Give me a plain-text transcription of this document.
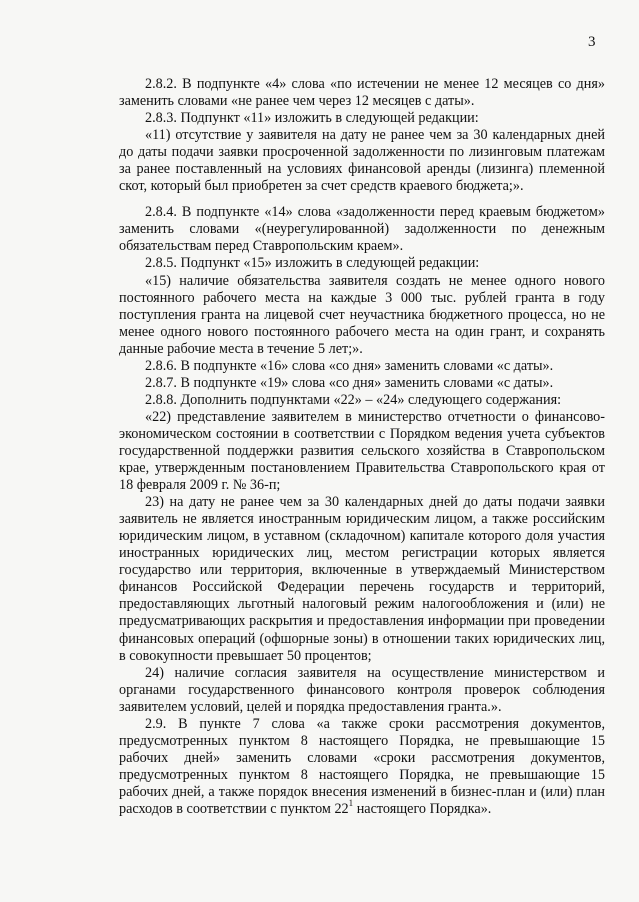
3

2.8.2. В подпункте «4» слова «по истечении не менее 12 месяцев со дня» заменить словами «не ранее чем через 12 месяцев с даты».

2.8.3. Подпункт «11» изложить в следующей редакции:

«11) отсутствие у заявителя на дату не ранее чем за 30 календарных дней до даты подачи заявки просроченной задолженности по лизинговым платежам за ранее поставленный на условиях финансовой аренды (лизинга) племенной скот, который был приобретен за счет средств краевого бюджета;».

2.8.4. В подпункте «14» слова «задолженности перед краевым бюджетом» заменить словами «(неурегулированной) задолженности по денежным обязательствам перед Ставропольским краем».

2.8.5. Подпункт «15» изложить в следующей редакции:

«15) наличие обязательства заявителя создать не менее одного нового постоянного рабочего места на каждые 3 000 тыс. рублей гранта в году поступления гранта на лицевой счет неучастника бюджетного процесса, но не менее одного нового постоянного рабочего места на один грант, и сохранять данные рабочие места в течение 5 лет;».

2.8.6. В подпункте «16» слова «со дня» заменить словами «с даты».

2.8.7. В подпункте «19» слова «со дня» заменить словами «с даты».

2.8.8. Дополнить подпунктами «22» – «24» следующего содержания:

«22) представление заявителем в министерство отчетности о финансово-экономическом состоянии в соответствии с Порядком ведения учета субъектов государственной поддержки развития сельского хозяйства в Ставропольском крае, утвержденным постановлением Правительства Ставропольского края от 18 февраля 2009 г. № 36-п;

23) на дату не ранее чем за 30 календарных дней до даты подачи заявки заявитель не является иностранным юридическим лицом, а также российским юридическим лицом, в уставном (складочном) капитале которого доля участия иностранных юридических лиц, местом регистрации которых является государство или территория, включенные в утверждаемый Министерством финансов Российской Федерации перечень государств и территорий, предоставляющих льготный налоговый режим налогообложения и (или) не предусматривающих раскрытия и предоставления информации при проведении финансовых операций (офшорные зоны) в отношении таких юридических лиц, в совокупности превышает 50 процентов;

24) наличие согласия заявителя на осуществление министерством и органами государственного финансового контроля проверок соблюдения заявителем условий, целей и порядка предоставления гранта.».

2.9. В пункте 7 слова «а также сроки рассмотрения документов, предусмотренных пунктом 8 настоящего Порядка, не превышающие 15 рабочих дней» заменить словами «сроки рассмотрения документов, предусмотренных пунктом 8 настоящего Порядка, не превышающие 15 рабочих дней, а также порядок внесения изменений в бизнес-план и (или) план расходов в соответствии с пунктом $22^1$ настоящего Порядка».
